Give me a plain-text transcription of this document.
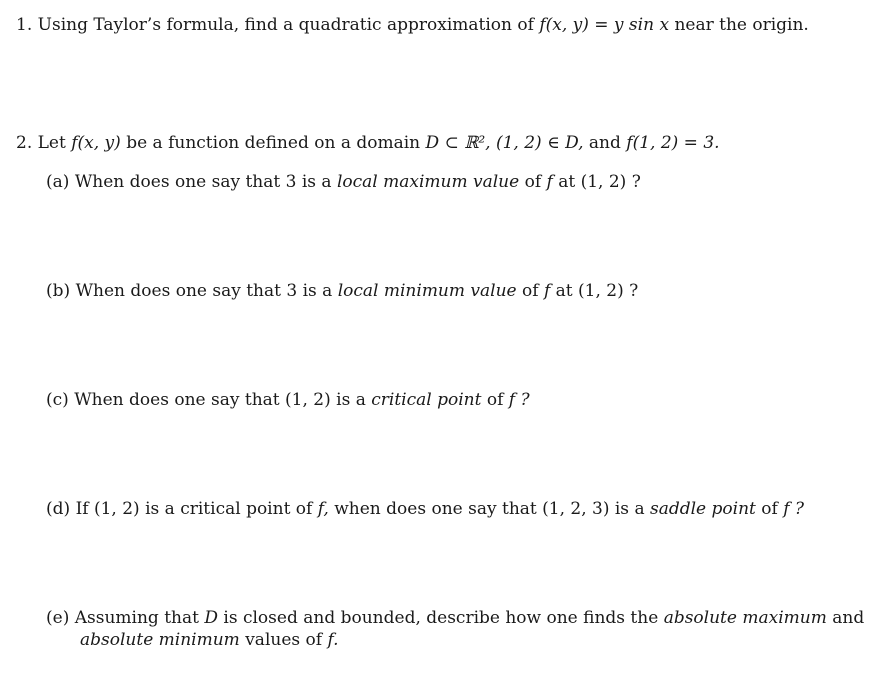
1. Using Taylor’s formula, find a quadratic approximation of f(x, y) = y sin x near the origin.
2. Let f(x, y) be a function defined on a domain D ⊂ ℝ², (1, 2) ∈ D, and f(1, 2) = 3.
(a) When does one say that 3 is a local maximum value of f at (1, 2) ?
(b) When does one say that 3 is a local minimum value of f at (1, 2) ?
(c) When does one say that (1, 2) is a critical point of f ?
(d) If (1, 2) is a critical point of f, when does one say that (1, 2, 3) is a saddle point of f ?
(e) Assuming that D is closed and bounded, describe how one finds the absolute maximum and
absolute minimum values of f.
